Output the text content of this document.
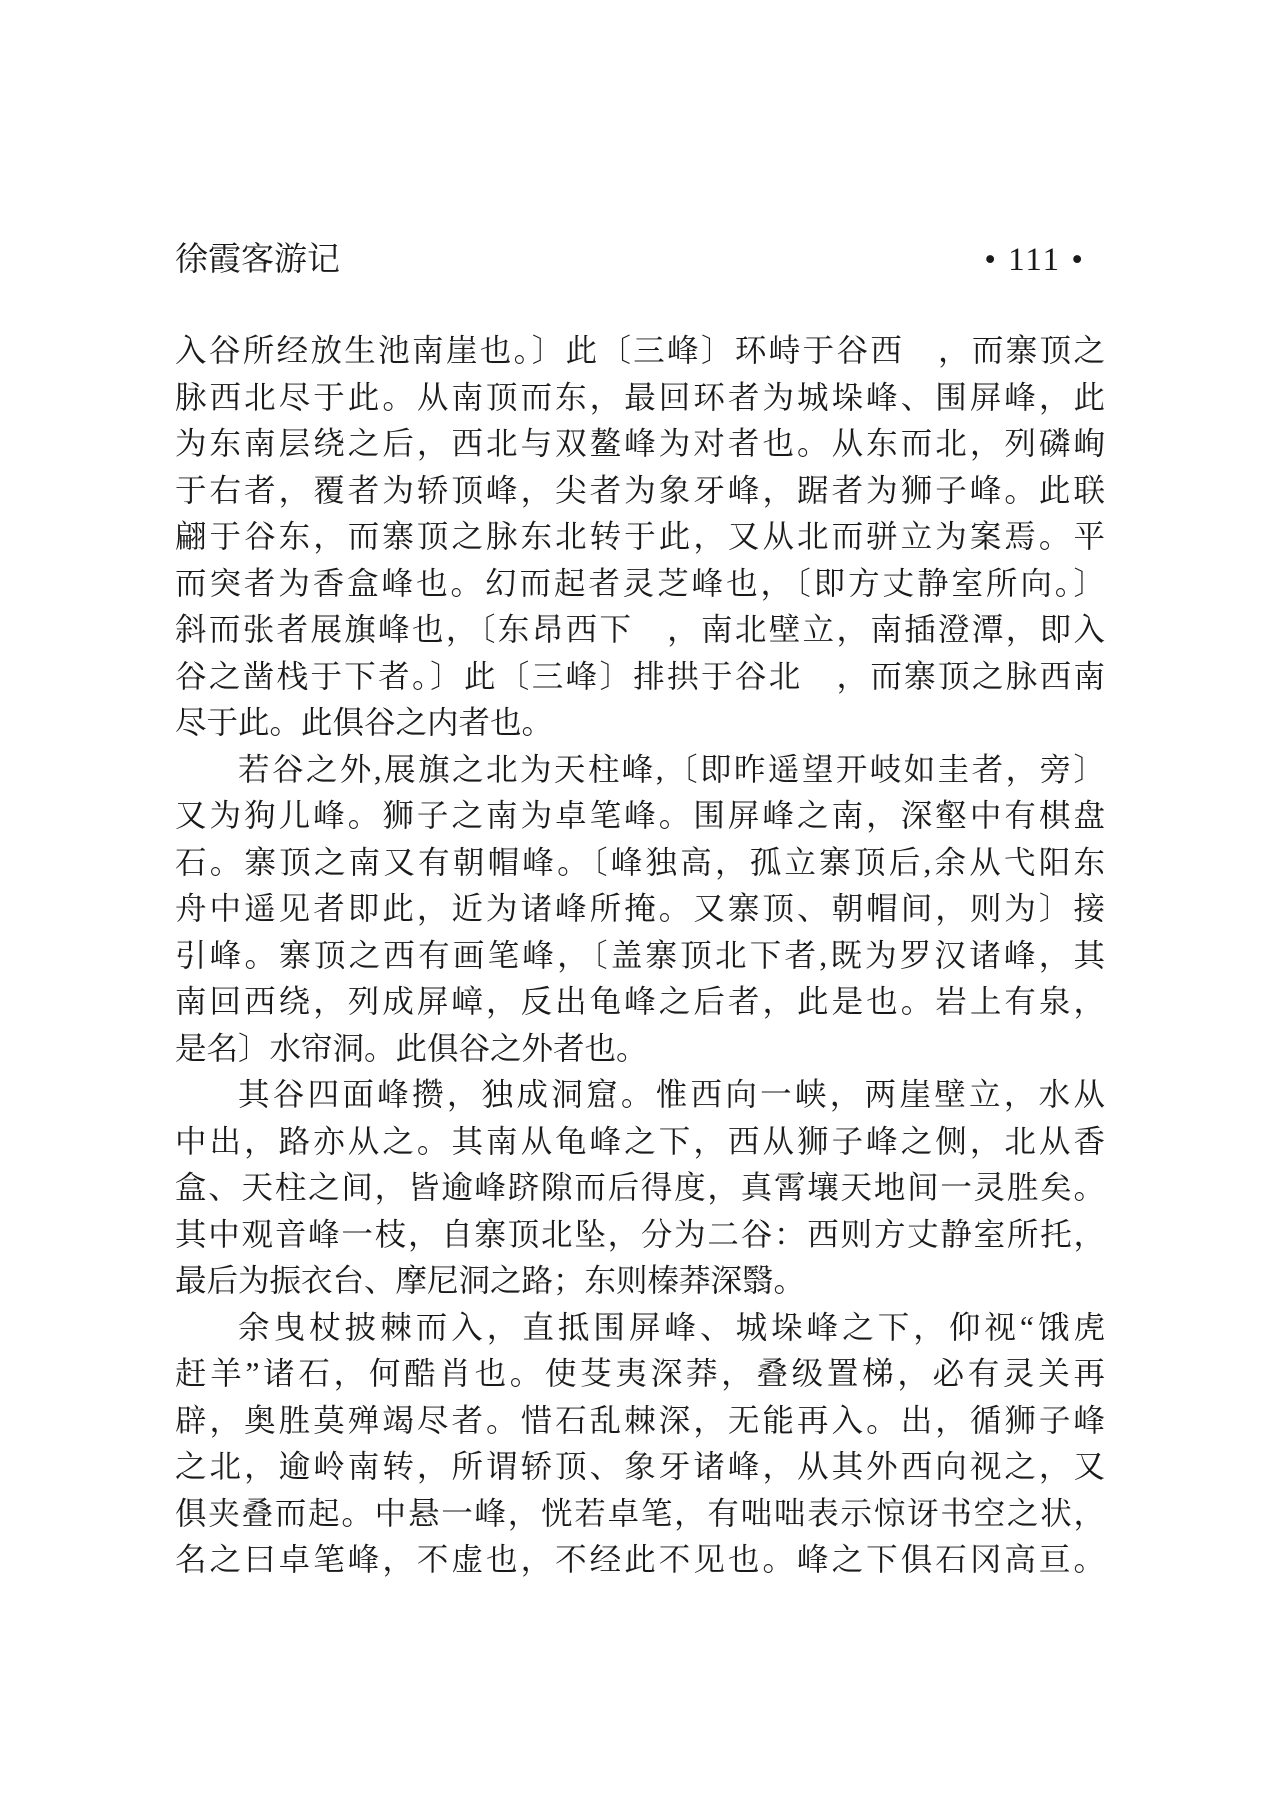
徐霞客游记	• 111 •
入谷所经放生池南崖也。〕此〔三峰〕环峙于谷西　，而寨顶之
脉西北尽于此。从南顶而东，最回环者为城垛峰、围屏峰，此
为东南层绕之后，西北与双鳌峰为对者也。从东而北，列磷峋
于右者，覆者为轿顶峰，尖者为象牙峰，踞者为狮子峰。此联
翩于谷东，而寨顶之脉东北转于此，又从北而骈立为案焉。平
而突者为香盒峰也。幻而起者灵芝峰也，〔即方丈静室所向。〕
斜而张者展旗峰也，〔东昂西下　，南北壁立，南插澄潭，即入
谷之凿栈于下者。〕此〔三峰〕排拱于谷北　，而寨顶之脉西南
尽于此。此俱谷之内者也。
若谷之外,展旗之北为天柱峰,〔即昨遥望开岐如圭者，旁〕
又为狗儿峰。狮子之南为卓笔峰。围屏峰之南，深壑中有棋盘
石。寨顶之南又有朝帽峰。〔峰独高，孤立寨顶后,余从弋阳东
舟中遥见者即此，近为诸峰所掩。又寨顶、朝帽间，则为〕接
引峰。寨顶之西有画笔峰，〔盖寨顶北下者,既为罗汉诸峰，其
南回西绕，列成屏嶂，反出龟峰之后者，此是也。岩上有泉，
是名〕水帘洞。此俱谷之外者也。
其谷四面峰攒，独成洞窟。惟西向一峡，两崖壁立，水从
中出，路亦从之。其南从龟峰之下，西从狮子峰之侧，北从香
盒、天柱之间，皆逾峰跻隙而后得度，真霄壤天地间一灵胜矣。
其中观音峰一枝，自寨顶北坠，分为二谷：西则方丈静室所托，
最后为振衣台、摩尼洞之路；东则榛莽深翳。
余曳杖披棘而入，直抵围屏峰、城垛峰之下，仰视“饿虎
赶羊”诸石，何酷肖也。使芟夷深莽，叠级置梯，必有灵关再
辟，奥胜莫殚竭尽者。惜石乱棘深，无能再入。出，循狮子峰
之北，逾岭南转，所谓轿顶、象牙诸峰，从其外西向视之，又
俱夹叠而起。中悬一峰，恍若卓笔，有咄咄表示惊讶书空之状，
名之曰卓笔峰，不虚也，不经此不见也。峰之下俱石冈高亘。
